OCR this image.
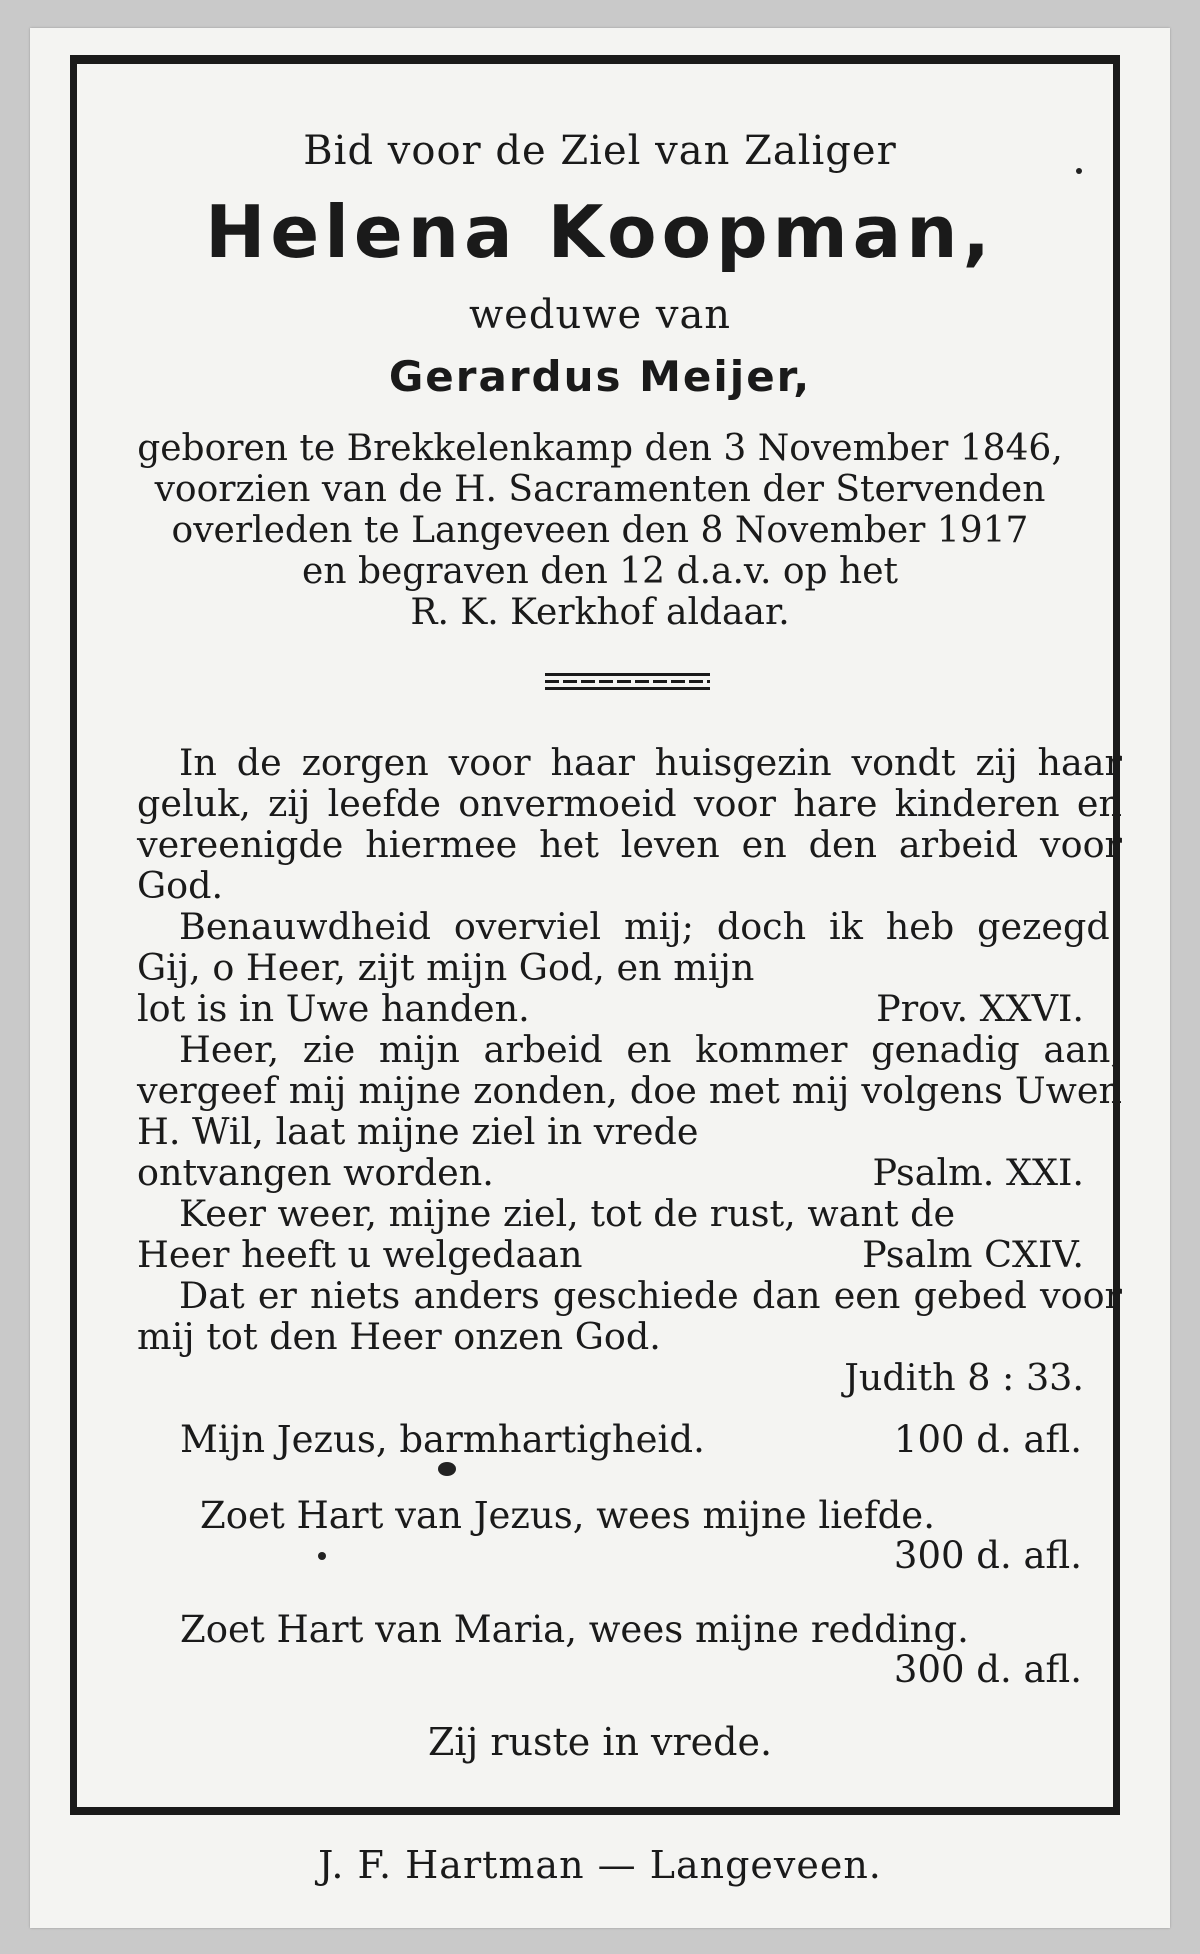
Bid voor de Ziel van Zaliger
Helena Koopman,
weduwe van
Gerardus Meijer,
geboren te Brekkelenkamp den 3 November 1846,
voorzien van de H. Sacramenten der Stervenden
overleden te Langeveen den 8 November 1917
en begraven den 12 d.a.v. op het
R. K. Kerkhof aldaar.
In de zorgen voor haar huisgezin vondt zij haar geluk, zij leefde onvermoeid voor hare kinderen en vereenigde hiermee het leven en den arbeid voor God.
Benauwdheid overviel mij; doch ik heb gezegd: Gij, o Heer, zijt mijn God, en mijn
lot is in Uwe handen.	Prov. XXVI.
Heer, zie mijn arbeid en kommer genadig aan, vergeef mij mijne zonden, doe met mij volgens Uwen H. Wil, laat mijne ziel in vrede
ontvangen worden.	Psalm. XXI.
Keer weer, mijne ziel, tot de rust, want de
Heer heeft u welgedaan	Psalm CXIV.
Dat er niets anders geschiede dan een gebed voor mij tot den Heer onzen God.
Judith 8 : 33.
Mijn Jezus, barmhartigheid.	100 d. afl.
Zoet Hart van Jezus, wees mijne liefde.
300 d. afl.
Zoet Hart van Maria, wees mijne redding.
300 d. afl.
Zij ruste in vrede.
J. F. Hartman — Langeveen.
